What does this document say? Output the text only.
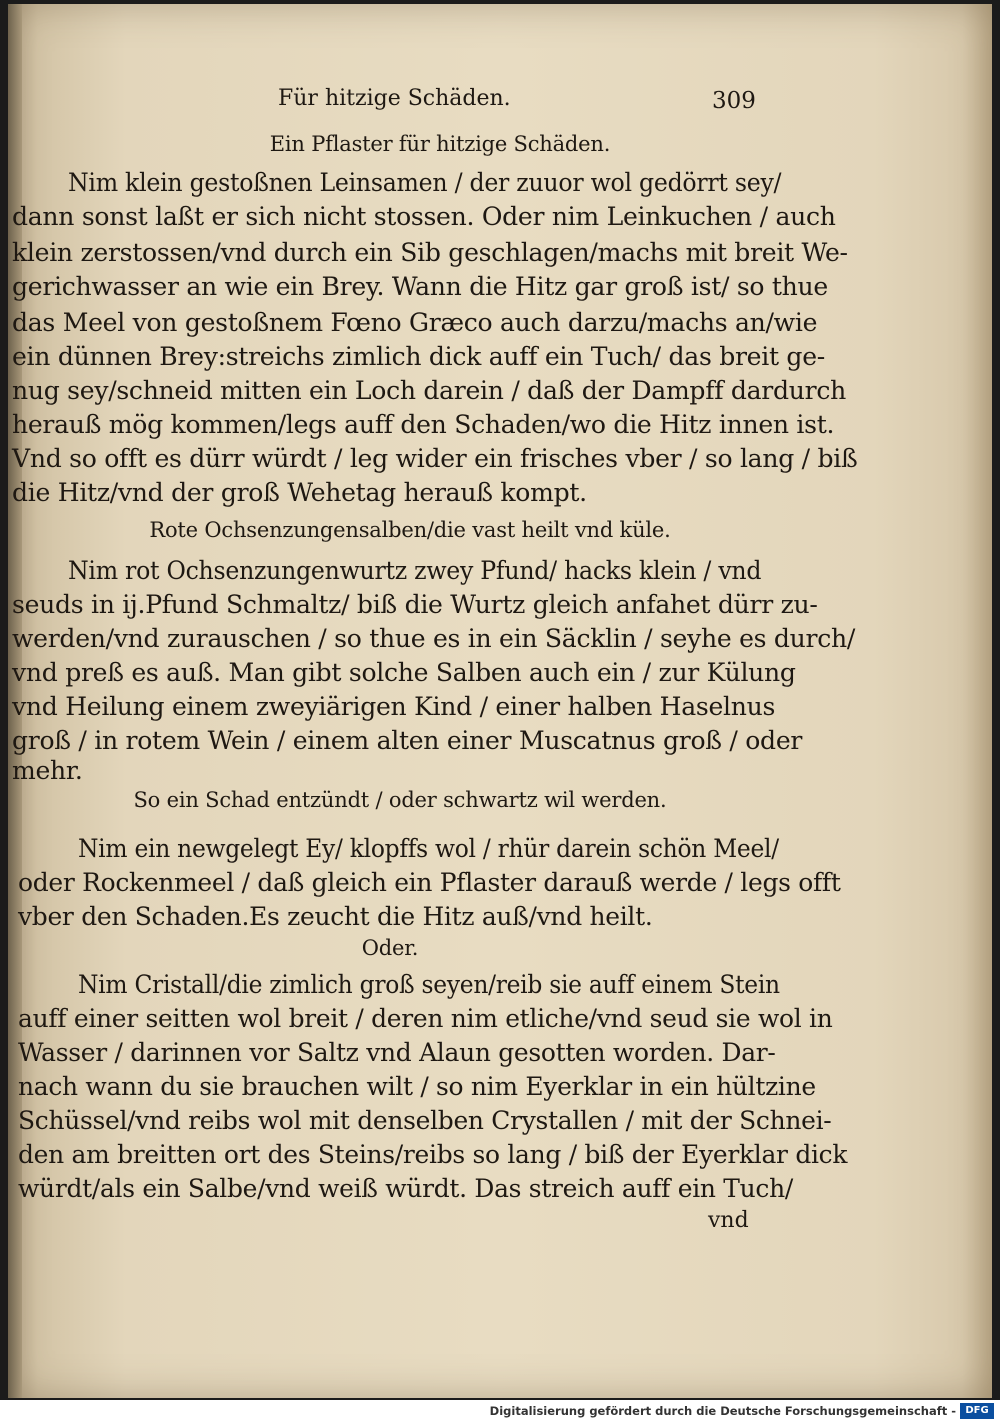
Für hitzige Schäden.	309
Ein Pflaster für hitzige Schäden.
Nim klein gestoßnen Leinsamen / der zuuor wol gedörrt sey/
dann sonst laßt er sich nicht stossen. Oder nim Leinkuchen / auch
klein zerstossen/vnd durch ein Sib geschlagen/machs mit breit We-
gerichwasser an wie ein Brey. Wann die Hitz gar groß ist/ so thue
das Meel von gestoßnem Fœno Græco auch darzu/machs an/wie
ein dünnen Brey:streichs zimlich dick auff ein Tuch/ das breit ge-
nug sey/schneid mitten ein Loch darein / daß der Dampff dardurch
herauß mög kommen/legs auff den Schaden/wo die Hitz innen ist.
Vnd so offt es dürr würdt / leg wider ein frisches vber / so lang / biß
die Hitz/vnd der groß Wehetag herauß kompt.
Rote Ochsenzungensalben/die vast heilt vnd küle.
Nim rot Ochsenzungenwurtz zwey Pfund/ hacks klein / vnd
seuds in ij.Pfund Schmaltz/ biß die Wurtz gleich anfahet dürr zu-
werden/vnd zurauschen / so thue es in ein Säcklin / seyhe es durch/
vnd preß es auß. Man gibt solche Salben auch ein / zur Külung
vnd Heilung einem zweyiärigen Kind / einer halben Haselnus
groß / in rotem Wein / einem alten einer Muscatnus groß / oder
mehr.
So ein Schad entzündt / oder schwartz wil werden.
Nim ein newgelegt Ey/ klopffs wol / rhür darein schön Meel/
oder Rockenmeel / daß gleich ein Pflaster darauß werde / legs offt
vber den Schaden.Es zeucht die Hitz auß/vnd heilt.
Oder.
Nim Cristall/die zimlich groß seyen/reib sie auff einem Stein
auff einer seitten wol breit / deren nim etliche/vnd seud sie wol in
Wasser / darinnen vor Saltz vnd Alaun gesotten worden. Dar-
nach wann du sie brauchen wilt / so nim Eyerklar in ein hültzine
Schüssel/vnd reibs wol mit denselben Crystallen / mit der Schnei-
den am breitten ort des Steins/reibs so lang / biß der Eyerklar dick
würdt/als ein Salbe/vnd weiß würdt. Das streich auff ein Tuch/
vnd
Digitalisierung gefördert durch die Deutsche Forschungsgemeinschaft - DFG
